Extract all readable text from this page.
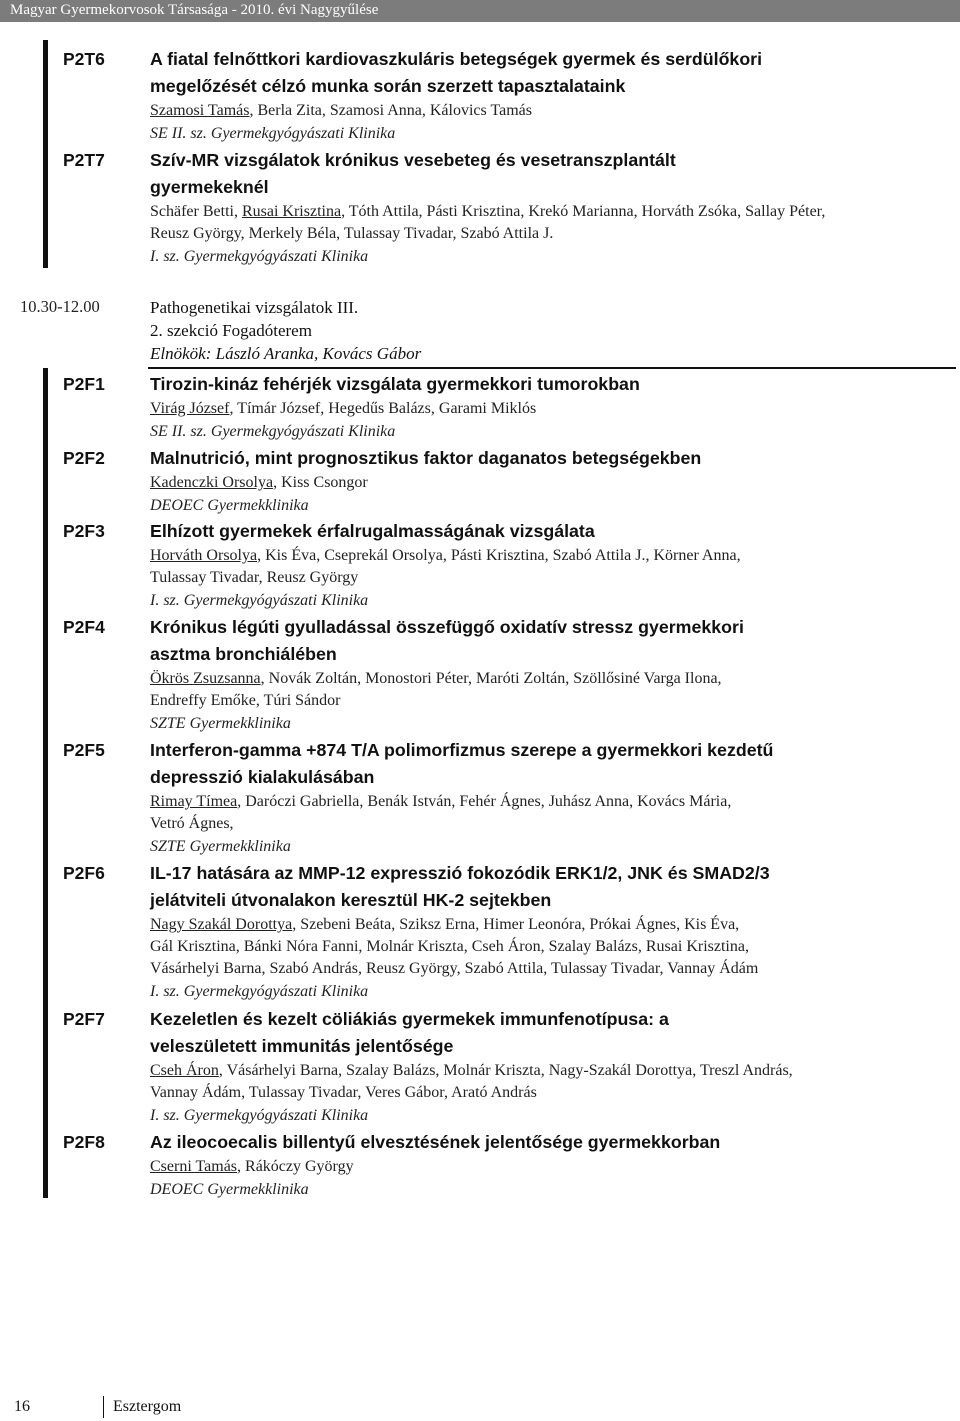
Magyar Gyermekorvosok Társasága - 2010. évi Nagygyűlése
P2T6	A fiatal felnőttkori kardiovaszkuláris betegségek gyermek és serdülőkori
megelőzését célzó munka során szerzett tapasztalataink
Szamosi Tamás, Berla Zita, Szamosi Anna, Kálovics Tamás
SE II. sz. Gyermekgyógyászati Klinika
P2T7	Szív-MR vizsgálatok krónikus vesebeteg és vesetranszplantált
gyermekeknél
Schäfer Betti, Rusai Krisztina, Tóth Attila, Pásti Krisztina, Krekó Marianna, Horváth Zsóka, Sallay Péter,
Reusz György, Merkely Béla, Tulassay Tivadar, Szabó Attila J.
I. sz. Gyermekgyógyászati Klinika
10.30-12.00	Pathogenetikai vizsgálatok III.
2. szekció Fogadóterem
Elnökök: László Aranka, Kovács Gábor
P2F1	Tirozin-kináz fehérjék vizsgálata gyermekkori tumorokban
Virág József, Tímár József, Hegedűs Balázs, Garami Miklós
SE II. sz. Gyermekgyógyászati Klinika
P2F2	Malnutrició, mint prognosztikus faktor daganatos betegségekben
Kadenczki Orsolya, Kiss Csongor
DEOEC Gyermekklinika
P2F3	Elhízott gyermekek érfalrugalmasságának vizsgálata
Horváth Orsolya, Kis Éva, Cseprekál Orsolya, Pásti Krisztina, Szabó Attila J., Körner Anna,
Tulassay Tivadar, Reusz György
I. sz. Gyermekgyógyászati Klinika
P2F4	Krónikus légúti gyulladással összefüggő oxidatív stressz gyermekkori
asztma bronchiálében
Ökrös Zsuzsanna, Novák Zoltán, Monostori Péter, Maróti Zoltán, Szöllősiné Varga Ilona,
Endreffy Emőke, Túri Sándor
SZTE Gyermekklinika
P2F5	Interferon-gamma +874 T/A polimorfizmus szerepe a gyermekkori kezdetű
depresszió kialakulásában
Rimay Tímea, Daróczi Gabriella, Benák István, Fehér Ágnes, Juhász Anna, Kovács Mária,
Vetró Ágnes,
SZTE Gyermekklinika
P2F6	IL-17 hatására az MMP-12 expresszió fokozódik ERK1/2, JNK és SMAD2/3
jelátviteli útvonalakon keresztül HK-2 sejtekben
Nagy Szakál Dorottya, Szebeni Beáta, Sziksz Erna, Himer Leonóra, Prókai Ágnes, Kis Éva,
Gál Krisztina, Bánki Nóra Fanni, Molnár Kriszta, Cseh Áron, Szalay Balázs, Rusai Krisztina,
Vásárhelyi Barna, Szabó András, Reusz György, Szabó Attila, Tulassay Tivadar, Vannay Ádám
I. sz. Gyermekgyógyászati Klinika
P2F7	Kezeletlen és kezelt cöliákiás gyermekek immunfenotípusa: a
veleszületett immunitás jelentősége
Cseh Áron, Vásárhelyi Barna, Szalay Balázs, Molnár Kriszta, Nagy-Szakál Dorottya, Treszl András,
Vannay Ádám, Tulassay Tivadar, Veres Gábor, Arató András
I. sz. Gyermekgyógyászati Klinika
P2F8	Az ileocoecalis billentyű elvesztésének jelentősége gyermekkorban
Cserni Tamás, Rákóczy György
DEOEC Gyermekklinika
16	Esztergom
